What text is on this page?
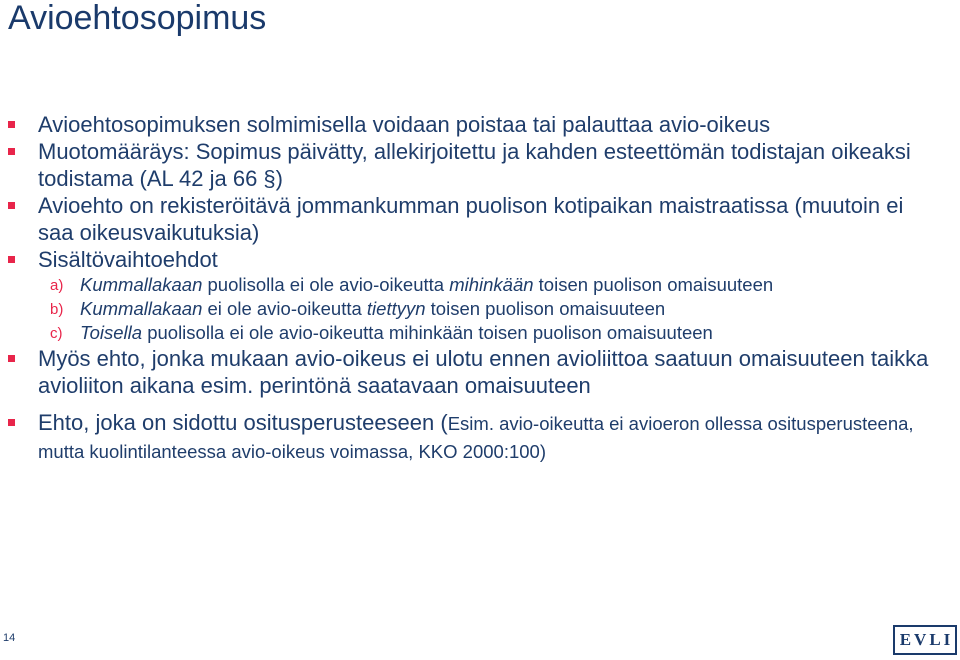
Avioehtosopimus
Avioehtosopimuksen solmimisella voidaan poistaa tai palauttaa avio-oikeus
Muotomääräys: Sopimus päivätty, allekirjoitettu ja kahden esteettömän todistajan oikeaksi todistama (AL 42 ja 66 §)
Avioehto on rekisteröitävä jommankumman puolison kotipaikan maistraatissa (muutoin ei saa oikeusvaikutuksia)
Sisältövaihtoehdot
a) Kummallakaan puolisolla ei ole avio-oikeutta mihinkään toisen puolison omaisuuteen
b) Kummallakaan ei ole avio-oikeutta tiettyyn toisen puolison omaisuuteen
c) Toisella puolisolla ei ole avio-oikeutta mihinkään toisen puolison omaisuuteen
Myös ehto, jonka mukaan avio-oikeus ei ulotu ennen avioliittoa saatuun omaisuuteen taikka avioliiton aikana esim. perintönä saatavaan omaisuuteen
Ehto, joka on sidottu ositusperusteeseen (Esim. avio-oikeutta ei avioeron ollessa ositusperusteena, mutta kuolintilanteessa avio-oikeus voimassa, KKO 2000:100)
14	EVLI
